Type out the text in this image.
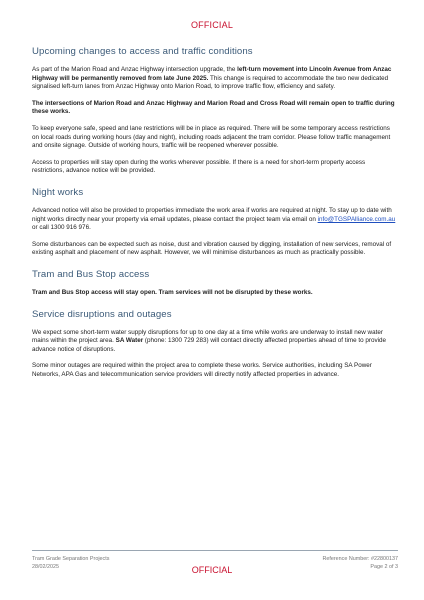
OFFICIAL
Upcoming changes to access and traffic conditions

As part of the Marion Road and Anzac Highway intersection upgrade, the left-turn movement into Lincoln Avenue from Anzac Highway will be permanently removed from late June 2025. This change is required to accommodate the two new dedicated signalised left-turn lanes from Anzac Highway onto Marion Road, to improve traffic flow, efficiency and safety.

The intersections of Marion Road and Anzac Highway and Marion Road and Cross Road will remain open to traffic during these works.

To keep everyone safe, speed and lane restrictions will be in place as required. There will be some temporary access restrictions on local roads during working hours (day and night), including roads adjacent the tram corridor. Please follow traffic management and onsite signage. Outside of working hours, traffic will be reopened wherever possible.

Access to properties will stay open during the works wherever possible. If there is a need for short-term property access restrictions, advance notice will be provided.

Night works

Advanced notice will also be provided to properties immediate the work area if works are required at night. To stay up to date with night works directly near your property via email updates, please contact the project team via email on info@TGSPAlliance.com.au or call 1300 916 976.

Some disturbances can be expected such as noise, dust and vibration caused by digging, installation of new services, removal of existing asphalt and placement of new asphalt. However, we will minimise disturbances as much as practically possible.

Tram and Bus Stop access

Tram and Bus Stop access will stay open. Tram services will not be disrupted by these works.

Service disruptions and outages

We expect some short-term water supply disruptions for up to one day at a time while works are underway to install new water mains within the project area. SA Water (phone: 1300 729 283) will contact directly affected properties ahead of time to provide advance notice of disruptions.

Some minor outages are required within the project area to complete these works. Service authorities, including SA Power Networks, APA Gas and telecommunication service providers will directly notify affected properties in advance.

Tram Grade Separation Projects
28/02/2025
Reference Number: #22800137
Page 2 of 3
OFFICIAL
